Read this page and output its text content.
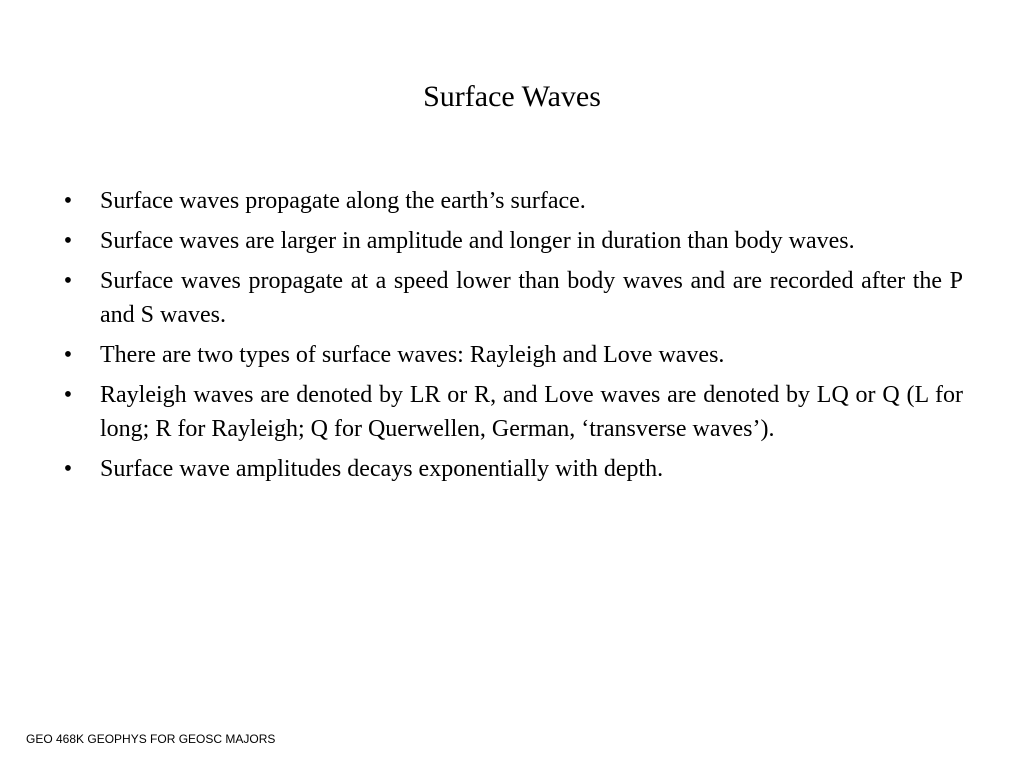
Surface Waves
• Surface waves propagate along the earth’s surface.
• Surface waves are larger in amplitude and longer in duration than body waves.
• Surface waves propagate at a speed lower than body waves and are recorded after the P and S waves.
• There are two types of surface waves: Rayleigh and Love waves.
• Rayleigh waves are denoted by LR or R, and Love waves are denoted by LQ or Q (L for long; R for Rayleigh; Q for Querwellen, German, ‘transverse waves’).
• Surface wave amplitudes decays exponentially with depth.
GEO 468K GEOPHYS FOR GEOSC MAJORS
